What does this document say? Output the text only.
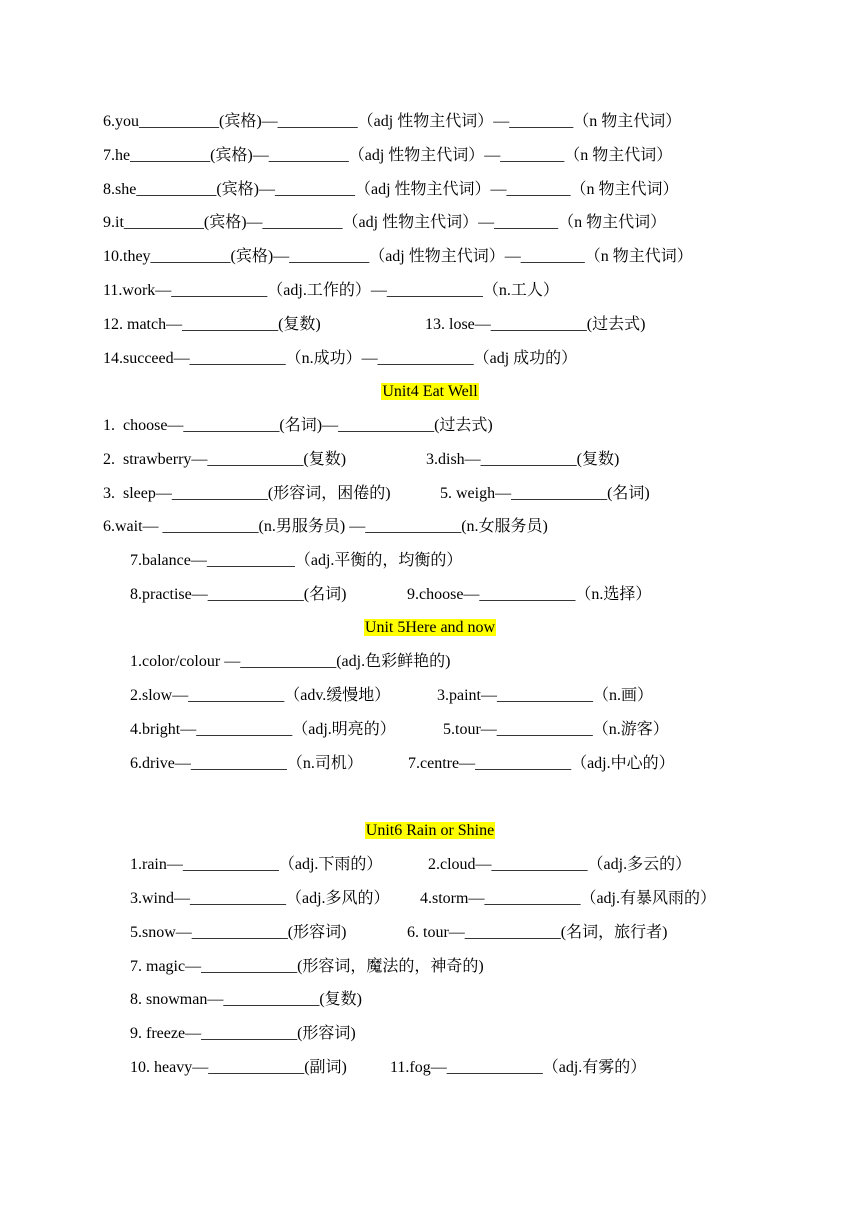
6.you__________(宾格)—__________（adj 性物主代词）—________（n 物主代词）
7.he__________(宾格)—__________（adj 性物主代词）—________（n 物主代词）
8.she__________(宾格)—__________（adj 性物主代词）—________（n 物主代词）
9.it__________(宾格)—__________（adj 性物主代词）—________（n 物主代词）
10.they__________(宾格)—__________（adj 性物主代词）—________（n 物主代词）
11.work—____________（adj.工作的）—____________（n.工人）
12. match—____________(复数)	13. lose—____________(过去式)
14.succeed—____________（n.成功）—____________（adj 成功的）
Unit4 Eat Well
1.  choose—____________(名词)—____________(过去式)
2.  strawberry—____________(复数)	3.dish—____________(复数)
3.  sleep—____________(形容词，困倦的)	5. weigh—____________(名词)
6.wait— ____________(n.男服务员) —____________(n.女服务员)
7.balance—___________（adj.平衡的，均衡的）
8.practise—____________(名词)	9.choose—____________（n.选择）
Unit 5Here and now
1.color/colour —____________(adj.色彩鲜艳的)
2.slow—____________（adv.缓慢地）	3.paint—____________（n.画）
4.bright—____________（adj.明亮的）	5.tour—____________（n.游客）
6.drive—____________（n.司机）	7.centre—____________（adj.中心的）
Unit6 Rain or Shine
1.rain—____________（adj.下雨的）	2.cloud—____________（adj.多云的）
3.wind—____________（adj.多风的） 4.storm—____________（adj.有暴风雨的）
5.snow—____________(形容词)	6. tour—____________(名词，旅行者)
7. magic—____________(形容词，魔法的，神奇的)
8. snowman—____________(复数)
9. freeze—____________(形容词)
10. heavy—____________(副词)	11.fog—____________（adj.有雾的）
